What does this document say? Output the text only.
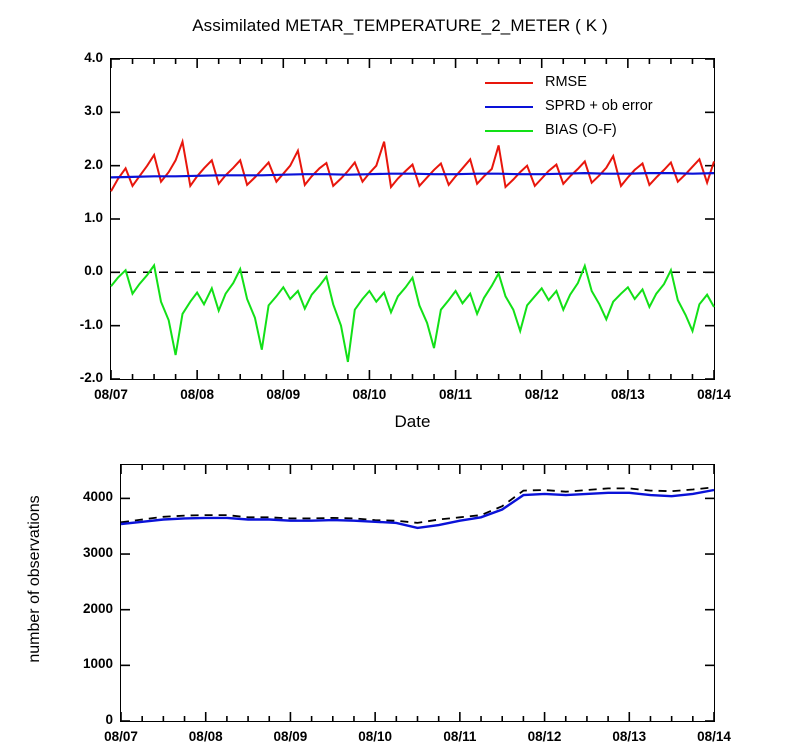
Assimilated METAR_TEMPERATURE_2_METER ( K )
4.0
3.0
2.0
1.0
0.0
-1.0
-2.0
08/07	08/08	08/09	08/10	08/11	08/12	08/13	08/14
Date
RMSE
SPRD + ob error
BIAS (O-F)
4000
3000
2000
1000
0
08/07	08/08	08/09	08/10	08/11	08/12	08/13	08/14
number of observations
